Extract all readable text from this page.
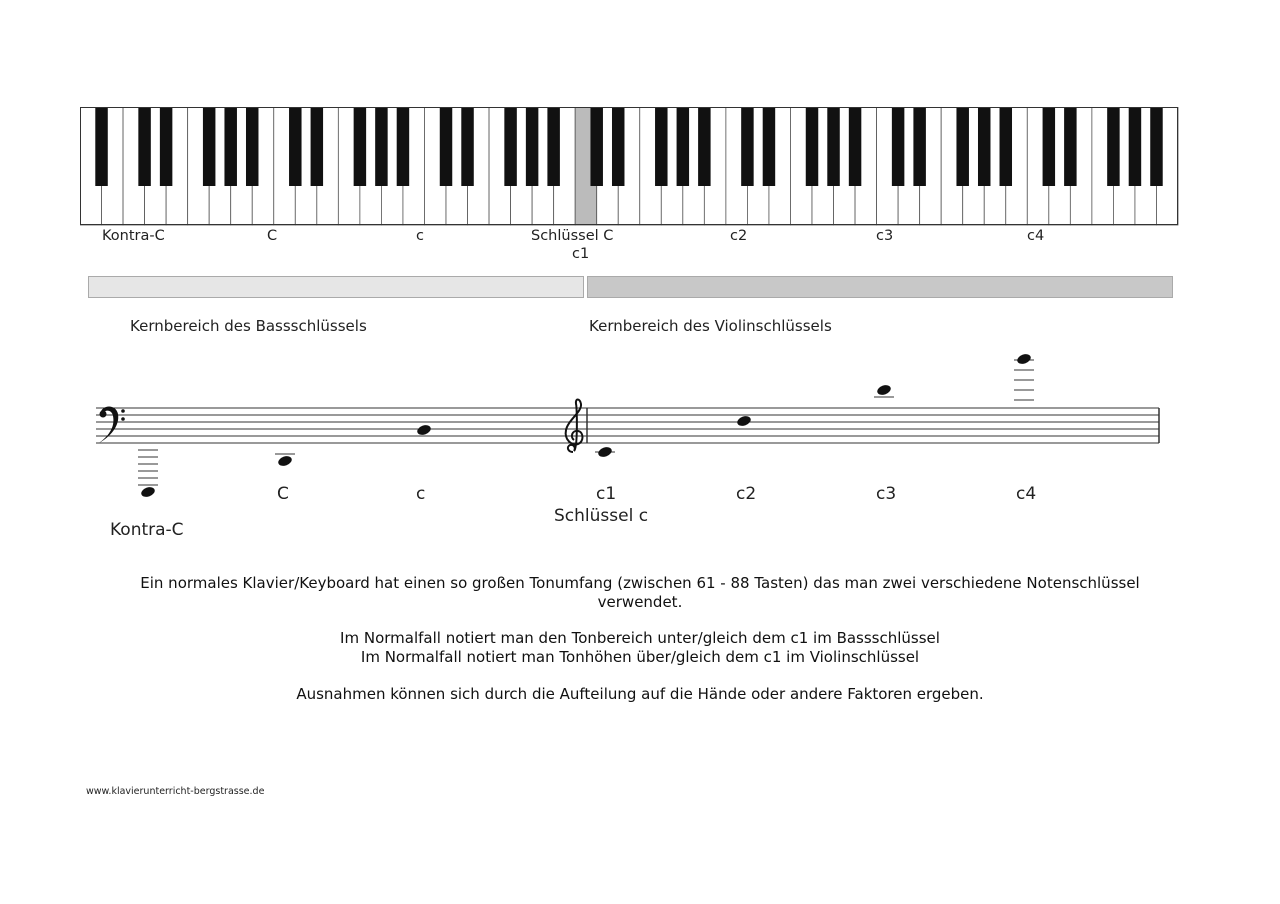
Kontra-C	C	c	Schlüssel C
c1
c2	c3	c4
Kernbereich des Bassschlüssels	Kernbereich des Violinschlüssels
C	c	c1
Schlüssel c
c2	c3	c4
Kontra-C
Ein normales Klavier/Keyboard hat einen so großen Tonumfang (zwischen 61 - 88 Tasten) das man zwei verschiedene Notenschlüssel verwendet.
Im Normalfall notiert man den Tonbereich unter/gleich dem c1 im Bassschlüssel
Im Normalfall notiert man Tonhöhen über/gleich dem c1 im Violinschlüssel
Ausnahmen können sich durch die Aufteilung auf die Hände oder andere Faktoren ergeben.
www.klavierunterricht-bergstrasse.de
